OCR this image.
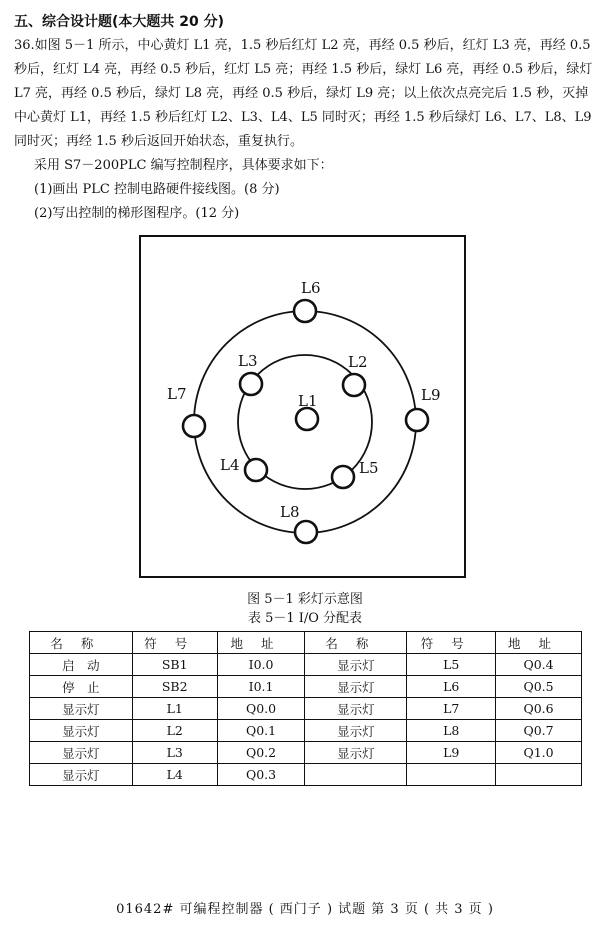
五、综合设计题(本大题共 20 分)

36.如图 5－1 所示，中心黄灯 L1 亮，1.5 秒后红灯 L2 亮，再经 0.5 秒后，红灯 L3 亮，再经 0.5 秒后，红灯 L4 亮，再经 0.5 秒后，红灯 L5 亮；再经 1.5 秒后，绿灯 L6 亮，再经 0.5 秒后，绿灯 L7 亮，再经 0.5 秒后，绿灯 L8 亮，再经 0.5 秒后，绿灯 L9 亮；以上依次点亮完后 1.5 秒，灭掉中心黄灯 L1，再经 1.5 秒后红灯 L2、L3、L4、L5 同时灭；再经 1.5 秒后绿灯 L6、L7、L8、L9 同时灭；再经 1.5 秒后返回开始状态，重复执行。

采用 S7－200PLC 编写控制程序，具体要求如下：

(1)画出 PLC 控制电路硬件接线图。(8 分)

(2)写出控制的梯形图程序。(12 分)

L1
L2
L3
L4	L5
L6
L7
L8
L9
图 5－1 彩灯示意图
表 5－1 I/O 分配表
名称	符号	地址	名称	符号	地址
启　动	SB1	I0.0	显示灯	L5	Q0.4
停　止	SB2	I0.1	显示灯	L6	Q0.5
显示灯	L1	Q0.0	显示灯	L7	Q0.6
显示灯	L2	Q0.1	显示灯	L8	Q0.7
显示灯	L3	Q0.2	显示灯	L9	Q1.0
显示灯	L4	Q0.3			
01642# 可编程控制器 ( 西门子 ) 试题 第 3 页 ( 共 3 页 )
